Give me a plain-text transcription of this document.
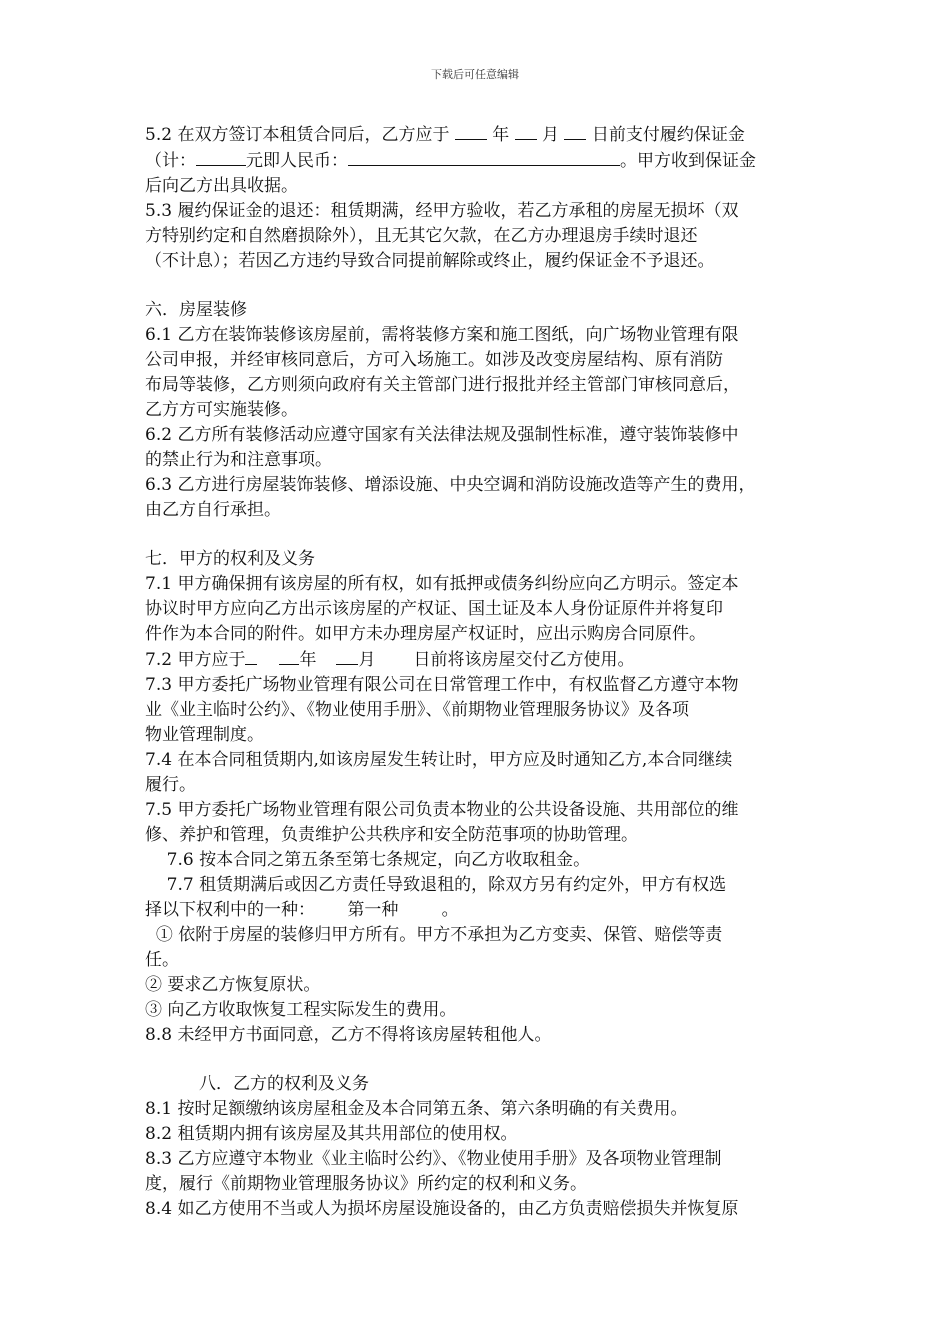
下载后可任意编辑

5.2 在双方签订本租赁合同后，乙方应于  年  月  日前支付履约保证金

（计：	元即人民币：	。甲方收到保证金

后向乙方出具收据。

5.3 履约保证金的退还：租赁期满，经甲方验收，若乙方承租的房屋无损坏（双

方特别约定和自然磨损除外），且无其它欠款，在乙方办理退房手续时退还

（不计息）；若因乙方违约导致合同提前解除或终止，履约保证金不予退还。

六．房屋装修

6.1 乙方在装饰装修该房屋前，需将装修方案和施工图纸，向广场物业管理有限

公司申报，并经审核同意后，方可入场施工。如涉及改变房屋结构、原有消防

布局等装修，乙方则须向政府有关主管部门进行报批并经主管部门审核同意后，

乙方方可实施装修。

6.2 乙方所有装修活动应遵守国家有关法律法规及强制性标准，遵守装饰装修中

的禁止行为和注意事项。

6.3 乙方进行房屋装饰装修、增添设施、中央空调和消防设施改造等产生的费用，

由乙方自行承担。

七．甲方的权利及义务

7.1 甲方确保拥有该房屋的所有权，如有抵押或债务纠纷应向乙方明示。签定本

协议时甲方应向乙方出示该房屋的产权证、国土证及本人身份证原件并将复印

件作为本合同的附件。如甲方未办理房屋产权证时，应出示购房合同原件。

7.2 甲方应于	年 月 日前将该房屋交付乙方使用。

7.3 甲方委托广场物业管理有限公司在日常管理工作中，有权监督乙方遵守本物

业《业主临时公约》、《物业使用手册》、《前期物业管理服务协议》及各项

物业管理制度。

7.4 在本合同租赁期内,如该房屋发生转让时，甲方应及时通知乙方,本合同继续

履行。

7.5 甲方委托广场物业管理有限公司负责本物业的公共设备设施、共用部位的维

修、养护和管理，负责维护公共秩序和安全防范事项的协助管理。

7.6 按本合同之第五条至第七条规定，向乙方收取租金。

7.7 租赁期满后或因乙方责任导致退租的，除双方另有约定外，甲方有权选

择以下权利中的一种：      第一种        。

① 依附于房屋的装修归甲方所有。甲方不承担为乙方变卖、保管、赔偿等责

任。

② 要求乙方恢复原状。

③ 向乙方收取恢复工程实际发生的费用。

8.8 未经甲方书面同意，乙方不得将该房屋转租他人。

八．乙方的权利及义务

8.1 按时足额缴纳该房屋租金及本合同第五条、第六条明确的有关费用。

8.2 租赁期内拥有该房屋及其共用部位的使用权。

8.3 乙方应遵守本物业《业主临时公约》、《物业使用手册》及各项物业管理制

度，履行《前期物业管理服务协议》所约定的权利和义务。

8.4 如乙方使用不当或人为损坏房屋设施设备的，由乙方负责赔偿损失并恢复原
